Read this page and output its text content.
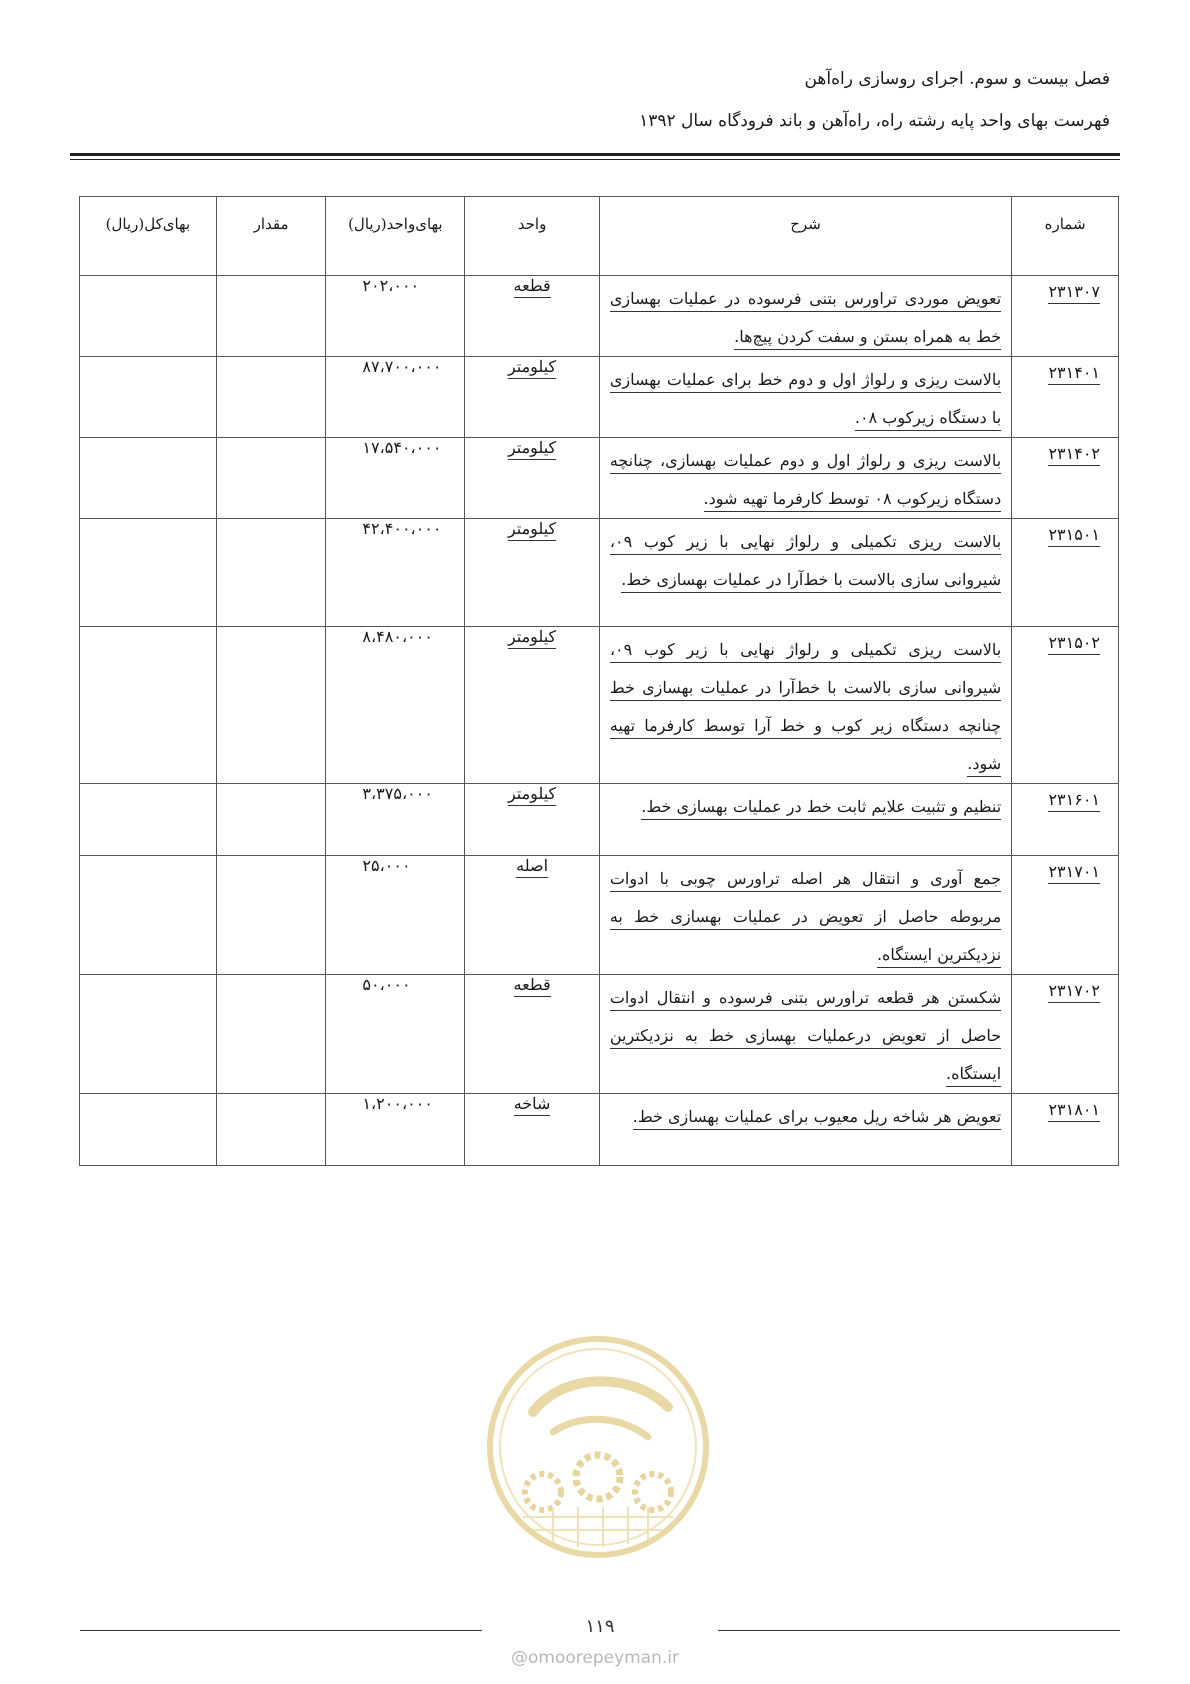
فصل بیست و سوم. اجرای روسازی راه‌آهن
فهرست بهای واحد پایه رشته راه، راه‌آهن و باند فرودگاه سال ۱۳۹۲
شماره	شرح	واحد	بهای‌واحد(ریال)	مقدار	بهای‌کل(ریال)
۲۳۱۳۰۷	تعویض موردی تراورس بتنی فرسوده در عملیات بهسازی خط به همراه بستن و سفت کردن پیچ‌ها.	قطعه	۲۰۲،۰۰۰		
۲۳۱۴۰۱	بالاست ریزی و رلواژ اول و دوم خط برای عملیات بهسازی با دستگاه زیرکوب ۰۸.	کیلومتر	۸۷،۷۰۰،۰۰۰		
۲۳۱۴۰۲	بالاست ریزی و رلواژ اول و دوم عملیات بهسازی، چنانچه دستگاه زیرکوب ۰۸ توسط کارفرما تهیه شود.	کیلومتر	۱۷،۵۴۰،۰۰۰		
۲۳۱۵۰۱	بالاست ریزی تکمیلی و رلواژ نهایی با زیر کوب ۰۹، شیروانی سازی بالاست با خط‌آرا در عملیات بهسازی خط.	کیلومتر	۴۲،۴۰۰،۰۰۰		
۲۳۱۵۰۲	بالاست ریزی تکمیلی و رلواژ نهایی با زیر کوب ۰۹، شیروانی سازی بالاست با خط‌آرا در عملیات بهسازی خط چنانچه دستگاه زیر کوب و خط آرا توسط کارفرما تهیه شود.	کیلومتر	۸،۴۸۰،۰۰۰		
۲۳۱۶۰۱	تنظیم و تثبیت علایم ثابت خط در عملیات بهسازی خط.	کیلومتر	۳،۳۷۵،۰۰۰		
۲۳۱۷۰۱	جمع آوری و انتقال هر اصله تراورس چوبی با ادوات مربوطه حاصل از تعویض در عملیات بهسازی خط به نزدیکترین ایستگاه.	اصله	۲۵،۰۰۰		
۲۳۱۷۰۲	شکستن هر قطعه تراورس بتنی فرسوده و انتقال ادوات حاصل از تعویض درعملیات بهسازی خط به نزدیکترین ایستگاه.	قطعه	۵۰،۰۰۰		
۲۳۱۸۰۱	تعویض هر شاخه ریل معیوب برای عملیات بهسازی خط.	شاخه	۱،۲۰۰،۰۰۰		
۱۱۹
@omoorepeyman.ir
